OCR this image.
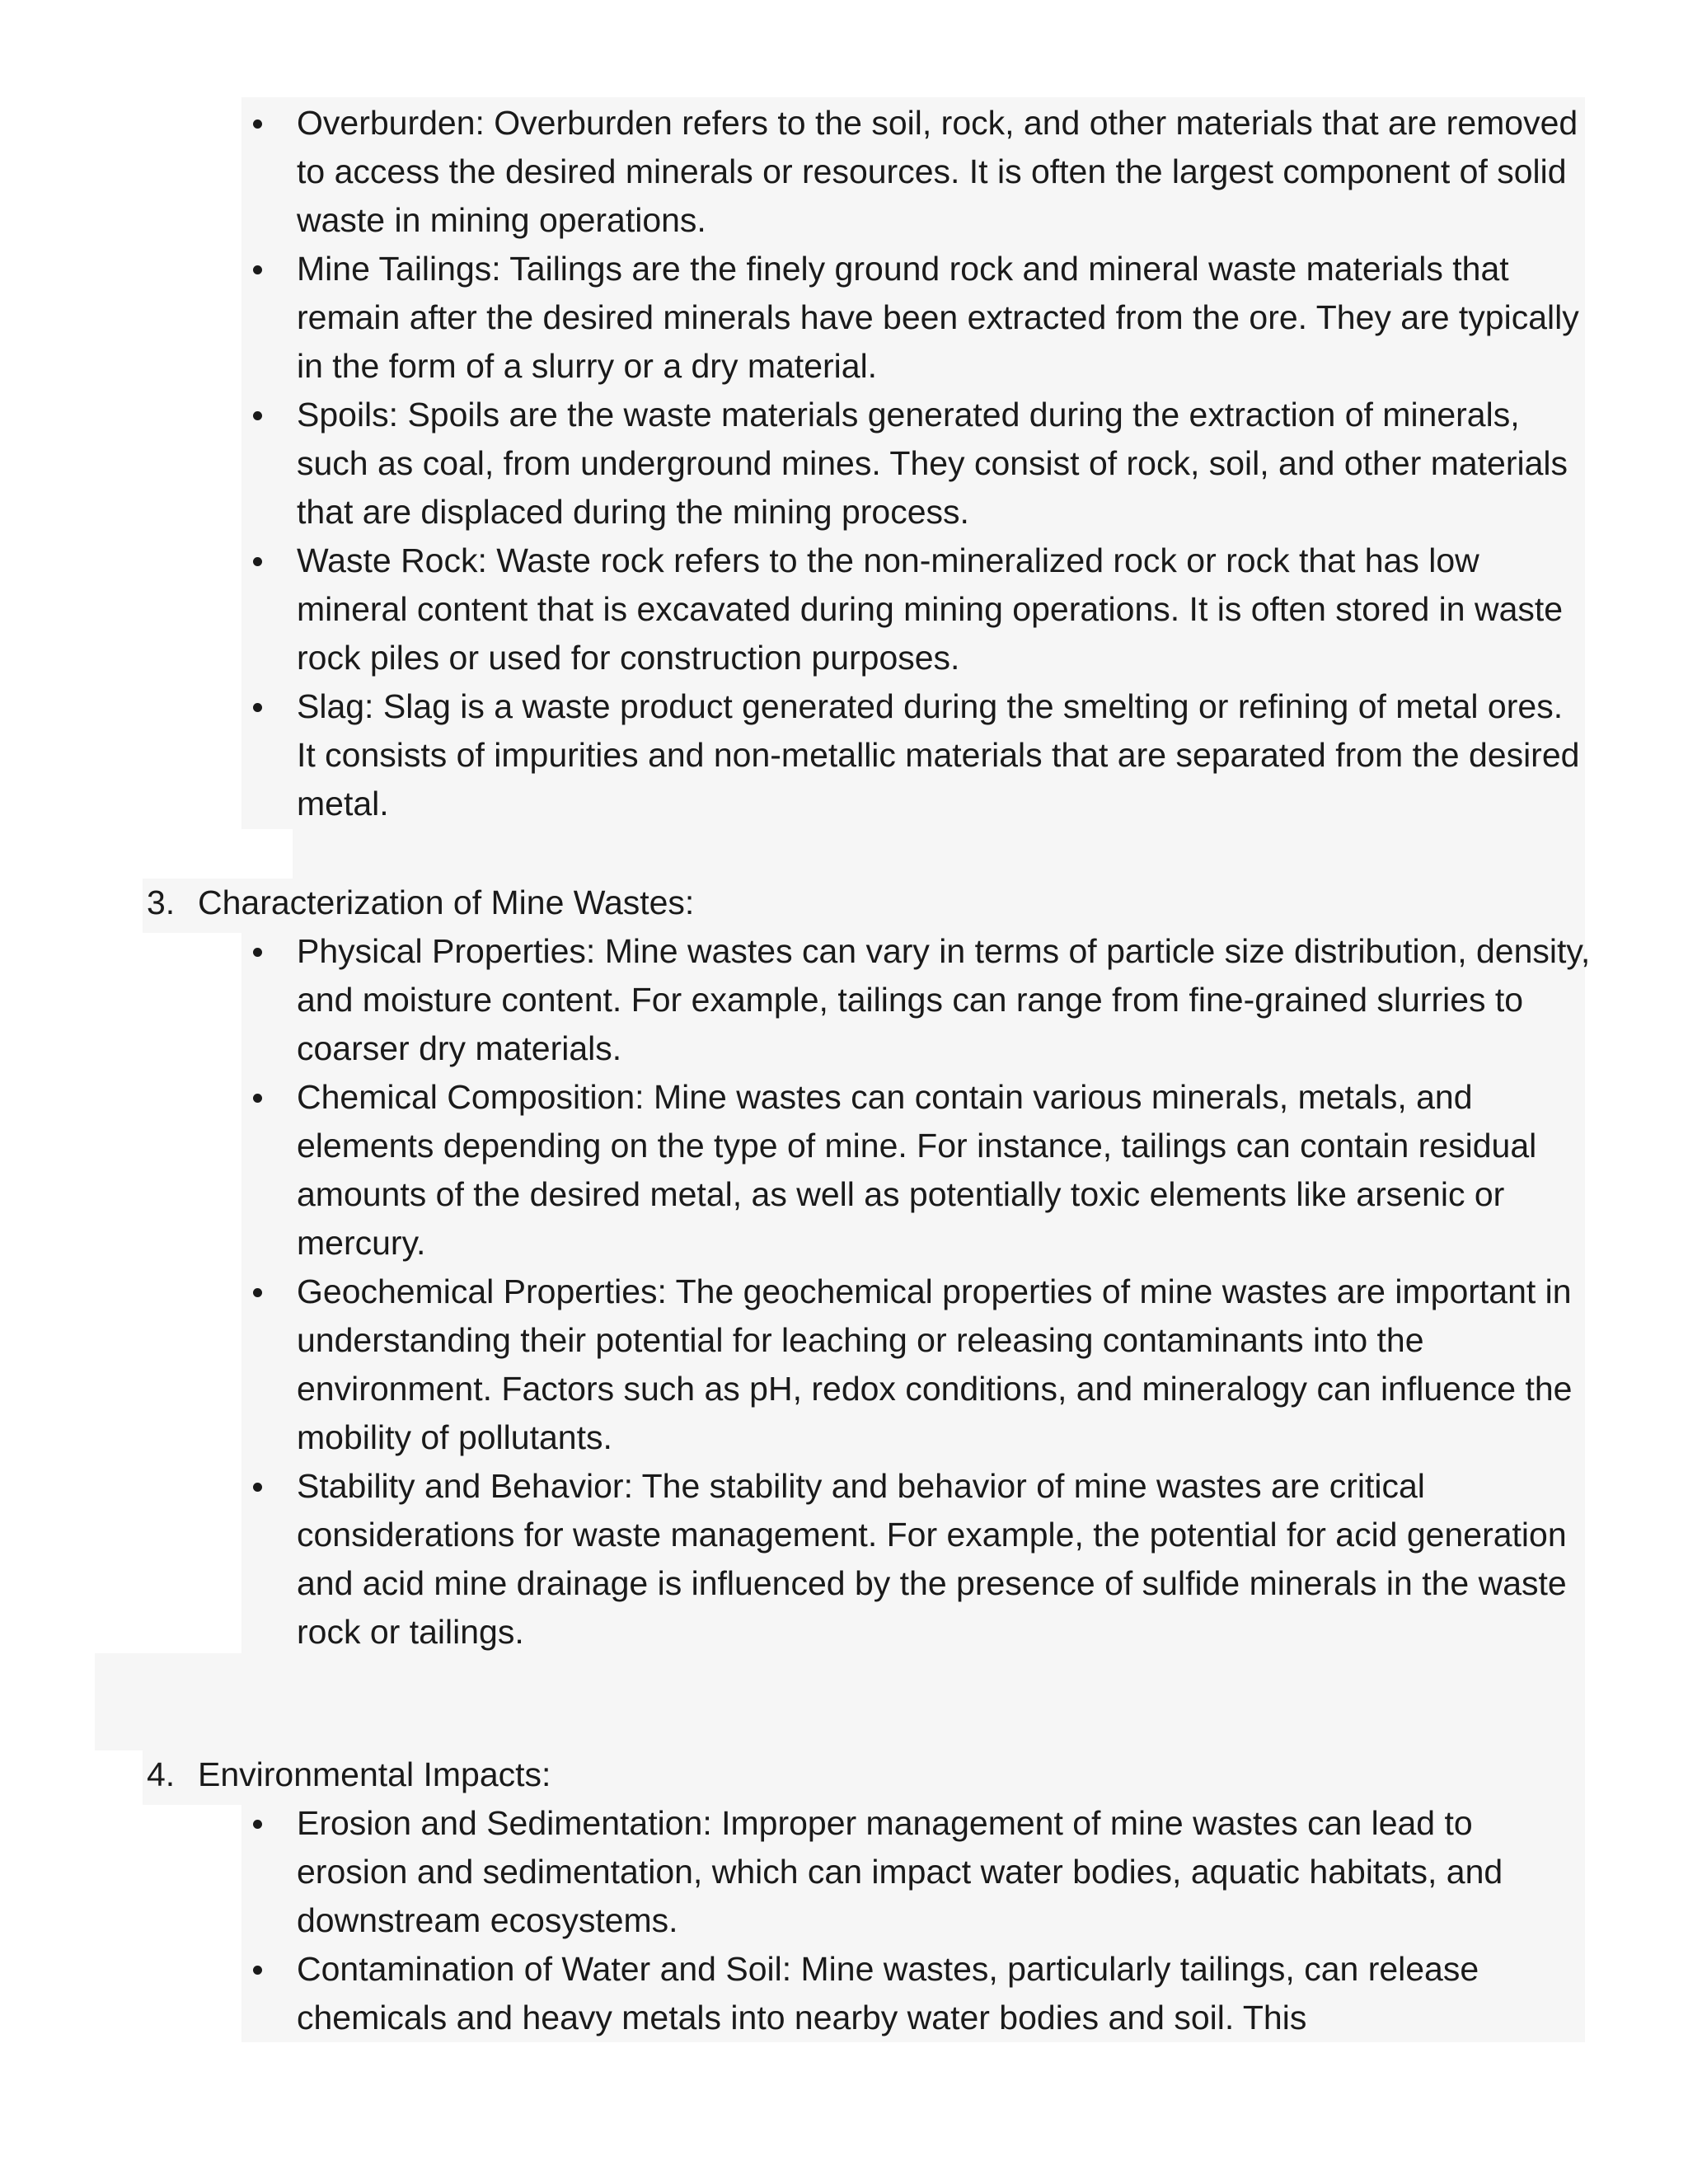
Overburden: Overburden refers to the soil, rock, and other materials that are removed to access the desired minerals or resources. It is often the largest component of solid waste in mining operations.
Mine Tailings: Tailings are the finely ground rock and mineral waste materials that remain after the desired minerals have been extracted from the ore. They are typically in the form of a slurry or a dry material.
Spoils: Spoils are the waste materials generated during the extraction of minerals, such as coal, from underground mines. They consist of rock, soil, and other materials that are displaced during the mining process.
Waste Rock: Waste rock refers to the non-mineralized rock or rock that has low mineral content that is excavated during mining operations. It is often stored in waste rock piles or used for construction purposes.
Slag: Slag is a waste product generated during the smelting or refining of metal ores. It consists of impurities and non-metallic materials that are separated from the desired metal.
3. Characterization of Mine Wastes:
Physical Properties: Mine wastes can vary in terms of particle size distribution, density, and moisture content. For example, tailings can range from fine-grained slurries to coarser dry materials.
Chemical Composition: Mine wastes can contain various minerals, metals, and elements depending on the type of mine. For instance, tailings can contain residual amounts of the desired metal, as well as potentially toxic elements like arsenic or mercury.
Geochemical Properties: The geochemical properties of mine wastes are important in understanding their potential for leaching or releasing contaminants into the environment. Factors such as pH, redox conditions, and mineralogy can influence the mobility of pollutants.
Stability and Behavior: The stability and behavior of mine wastes are critical considerations for waste management. For example, the potential for acid generation and acid mine drainage is influenced by the presence of sulfide minerals in the waste rock or tailings.
4. Environmental Impacts:
Erosion and Sedimentation: Improper management of mine wastes can lead to erosion and sedimentation, which can impact water bodies, aquatic habitats, and downstream ecosystems.
Contamination of Water and Soil: Mine wastes, particularly tailings, can release chemicals and heavy metals into nearby water bodies and soil. This
